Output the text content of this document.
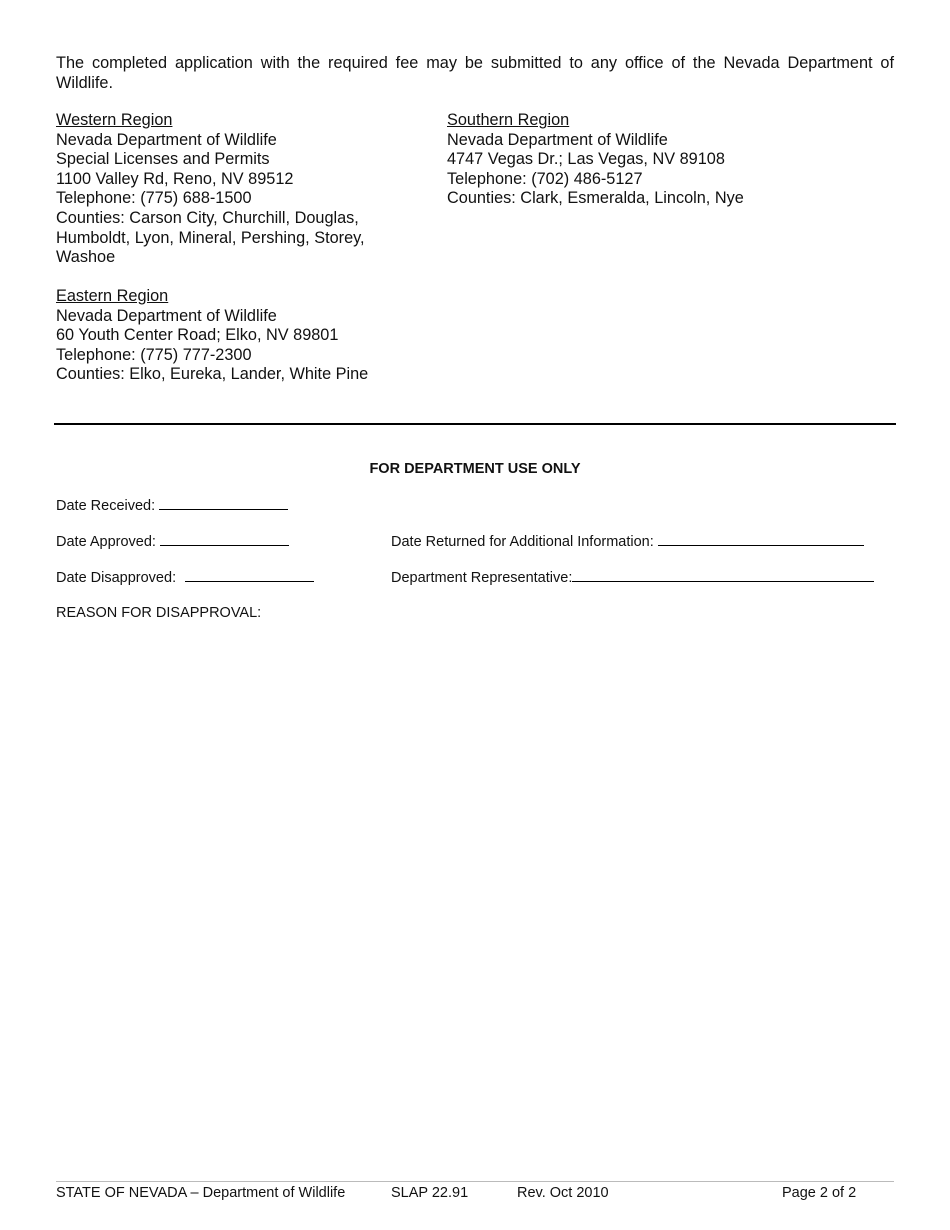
The completed application with the required fee may be submitted to any office of the Nevada Department of Wildlife.

Western Region
Nevada Department of Wildlife
Special Licenses and Permits
1100 Valley Rd, Reno, NV 89512
Telephone: (775) 688-1500
Counties: Carson City, Churchill, Douglas, Humboldt, Lyon, Mineral, Pershing, Storey, Washoe
Southern Region
Nevada Department of Wildlife
4747 Vegas Dr.; Las Vegas, NV 89108
Telephone: (702) 486-5127
Counties: Clark, Esmeralda, Lincoln, Nye
Eastern Region
Nevada Department of Wildlife
60 Youth Center Road; Elko, NV 89801
Telephone: (775) 777-2300
Counties: Elko, Eureka, Lander, White Pine

FOR DEPARTMENT USE ONLY

Date Received:
Date Approved:
Date Disapproved:
Date Returned for Additional Information:
Department Representative:
REASON FOR DISAPPROVAL:
STATE OF NEVADA – Department of Wildlife	SLAP 22.91	Rev. Oct 2010	Page 2 of 2
